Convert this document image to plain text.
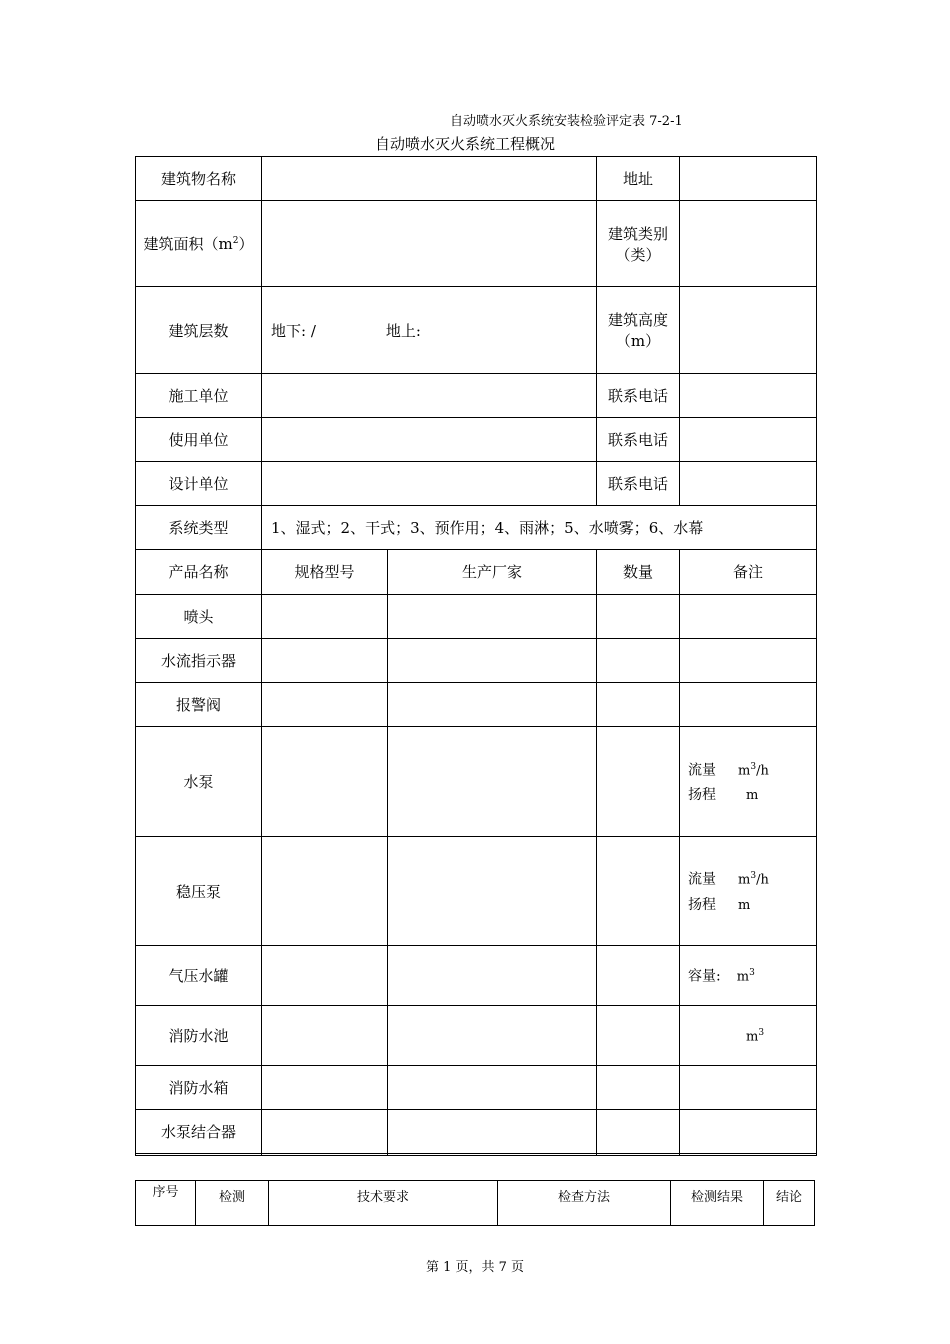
自动喷水灭火系统安装检验评定表 7-2-1
自动喷水灭火系统工程概况
建筑物名称			地址	
建筑面积$(m^2)$			建筑类别（类）	
建筑层数	地下: / 地上:		建筑高度（m）	
施工单位			联系电话	
使用单位			联系电话	
设计单位			联系电话	
系统类型	1、湿式；2、干式；3、预作用；4、雨淋；5、水喷雾；6、水幕			
产品名称	规格型号	生产厂家	数量	备注
喷头				
水流指示器				
报警阀				
水泵				流量 $m^3/h$
扬程 m

稳压泵				流量 $m^3/h$
扬程 m

气压水罐				容量: $m^3$
消防水池				$m^3$
消防水箱				
水泵结合器				

序号	检测	技术要求	检查方法	检测结果	结论
第 1 页，共 7 页
